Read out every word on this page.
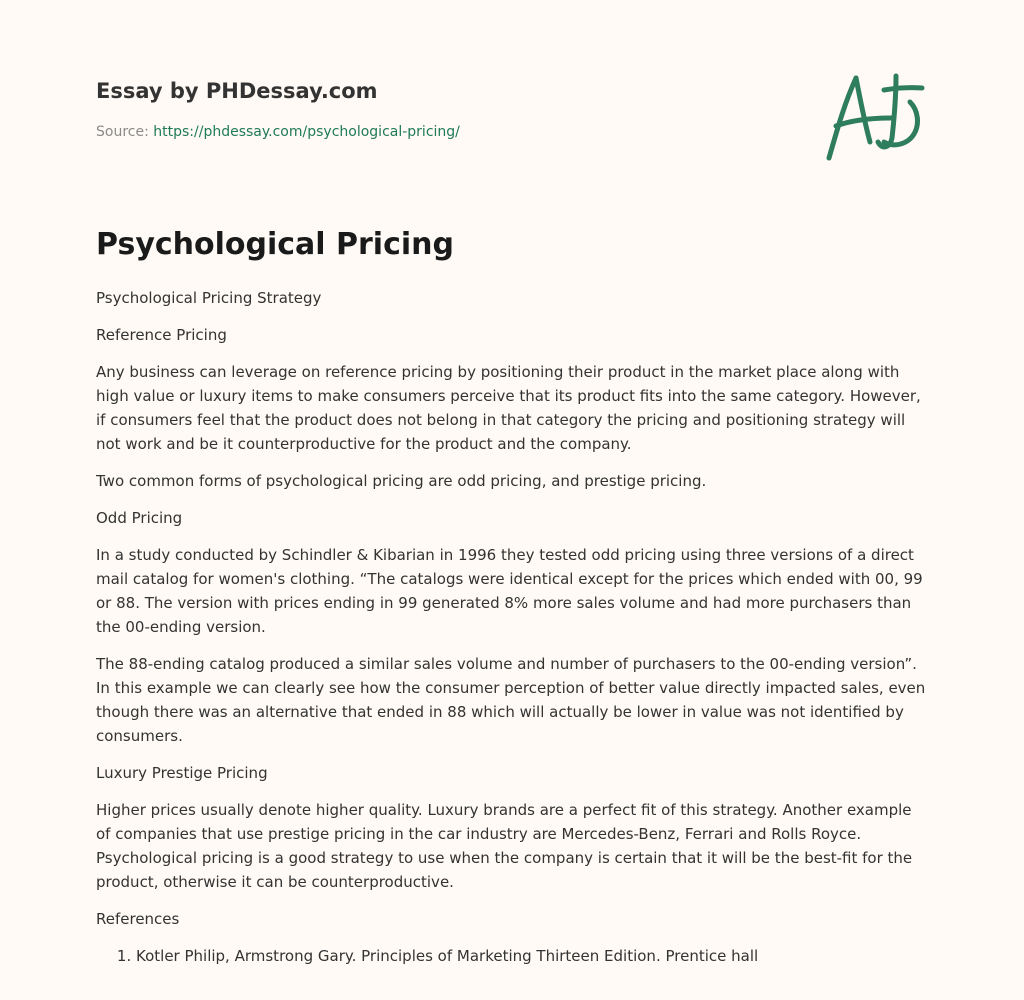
Essay by PHDessay.com
Source: https://phdessay.com/psychological-pricing/
Psychological Pricing

Psychological Pricing Strategy

Reference Pricing

Any business can leverage on reference pricing by positioning their product in the market place along with high value or luxury items to make consumers perceive that its product fits into the same category. However, if consumers feel that the product does not belong in that category the pricing and positioning strategy will not work and be it counterproductive for the product and the company.

Two common forms of psychological pricing are odd pricing, and prestige pricing.

Odd Pricing

In a study conducted by Schindler & Kibarian in 1996 they tested odd pricing using three versions of a direct mail catalog for women's clothing. “The catalogs were identical except for the prices which ended with 00, 99 or 88. The version with prices ending in 99 generated 8% more sales volume and had more purchasers than the 00-ending version.

The 88-ending catalog produced a similar sales volume and number of purchasers to the 00-ending version”. In this example we can clearly see how the consumer perception of better value directly impacted sales, even though there was an alternative that ended in 88 which will actually be lower in value was not identified by consumers.

Luxury Prestige Pricing

Higher prices usually denote higher quality. Luxury brands are a perfect fit of this strategy. Another example of companies that use prestige pricing in the car industry are Mercedes-Benz, Ferrari and Rolls Royce. Psychological pricing is a good strategy to use when the company is certain that it will be the best-fit for the product, otherwise it can be counterproductive.

References

1. Kotler Philip, Armstrong Gary. Principles of Marketing Thirteen Edition. Prentice hall
